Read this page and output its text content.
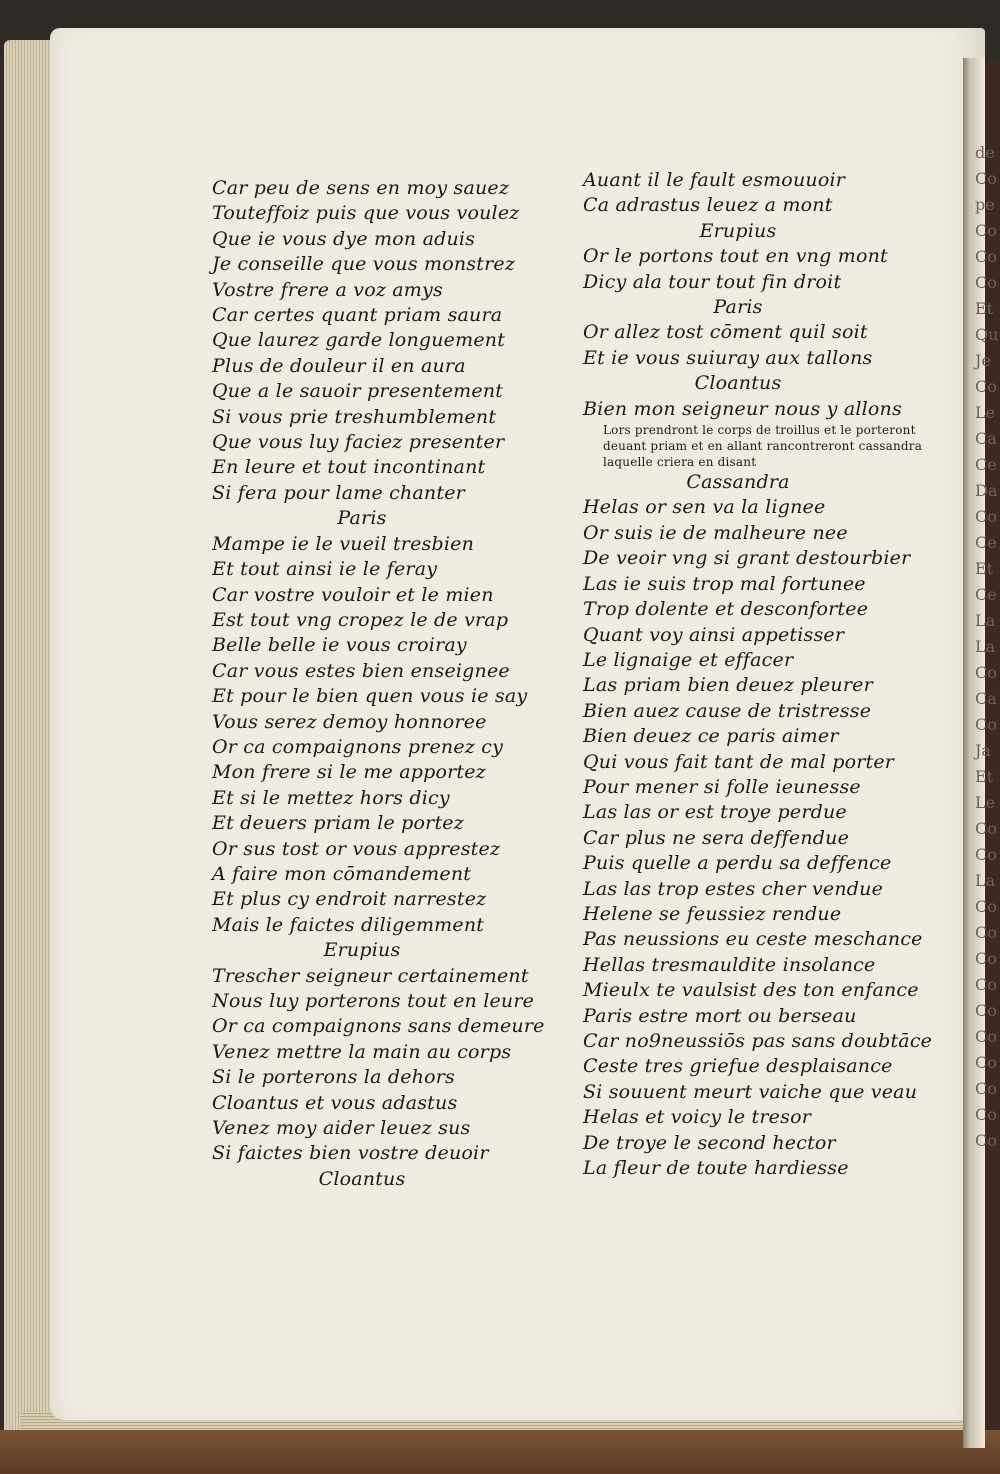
Car peu de sens en moy sauez
Touteffoiz puis que vous voulez
Que ie vous dye mon aduis
Je conseille que vous monstrez
Vostre frere a voz amys
Car certes quant priam saura
Que laurez garde longuement
Plus de douleur il en aura
Que a le sauoir presentement
Si vous prie treshumblement
Que vous luy faciez presenter
En leure et tout incontinant
Si fera pour lame chanter
Paris
Mampe ie le vueil tresbien
Et tout ainsi ie le feray
Car vostre vouloir et le mien
Est tout vng cropez le de vrap
Belle belle ie vous croiray
Car vous estes bien enseignee
Et pour le bien quen vous ie say
Vous serez demoy honnoree
Or ca compaignons prenez cy
Mon frere si le me apportez
Et si le mettez hors dicy
Et deuers priam le portez
Or sus tost or vous apprestez
A faire mon cōmandement
Et plus cy endroit narrestez
Mais le faictes diligemment
Erupius
Trescher seigneur certainement
Nous luy porterons tout en leure
Or ca compaignons sans demeure
Venez mettre la main au corps
Si le porterons la dehors
Cloantus et vous adastus
Venez moy aider leuez sus
Si faictes bien vostre deuoir
Cloantus
Auant il le fault esmouuoir
Ca adrastus leuez a mont
Erupius
Or le portons tout en vng mont
Dicy ala tour tout fin droit
Paris
Or allez tost cōment quil soit
Et ie vous suiuray aux tallons
Cloantus
Bien mon seigneur nous y allons
Lors prendront le corps de troillus et le porteront deuant priam et en allant rancontreront cassandra laquelle criera en disant
Cassandra
Helas or sen va la lignee
Or suis ie de malheure nee
De veoir vng si grant destourbier
Las ie suis trop mal fortunee
Trop dolente et desconfortee
Quant voy ainsi appetisser
Le lignaige et effacer
Las priam bien deuez pleurer
Bien auez cause de tristresse
Bien deuez ce paris aimer
Qui vous fait tant de mal porter
Pour mener si folle ieunesse
Las las or est troye perdue
Car plus ne sera deffendue
Puis quelle a perdu sa deffence
Las las trop estes cher vendue
Helene se feussiez rendue
Pas neussions eu ceste meschance
Hellas tresmauldite insolance
Mieulx te vaulsist des ton enfance
Paris estre mort ou berseau
Car no9neussiōs pas sans doubtāce
Ceste tres griefue desplaisance
Si souuent meurt vaiche que veau
Helas et voicy le tresor
De troye le second hector
La fleur de toute hardiesse
de
Co
pe
Co
Co
Co
Et
Qu
Je
Co
Le
Ca
Ce
Da
Co
Ce
Et
Ce
La
La
Co
Ca
Co
Ja
Et
Le
Co
Co
La
Co
Co
Co
Co
Co
Co
Co
Co
Co
Co
